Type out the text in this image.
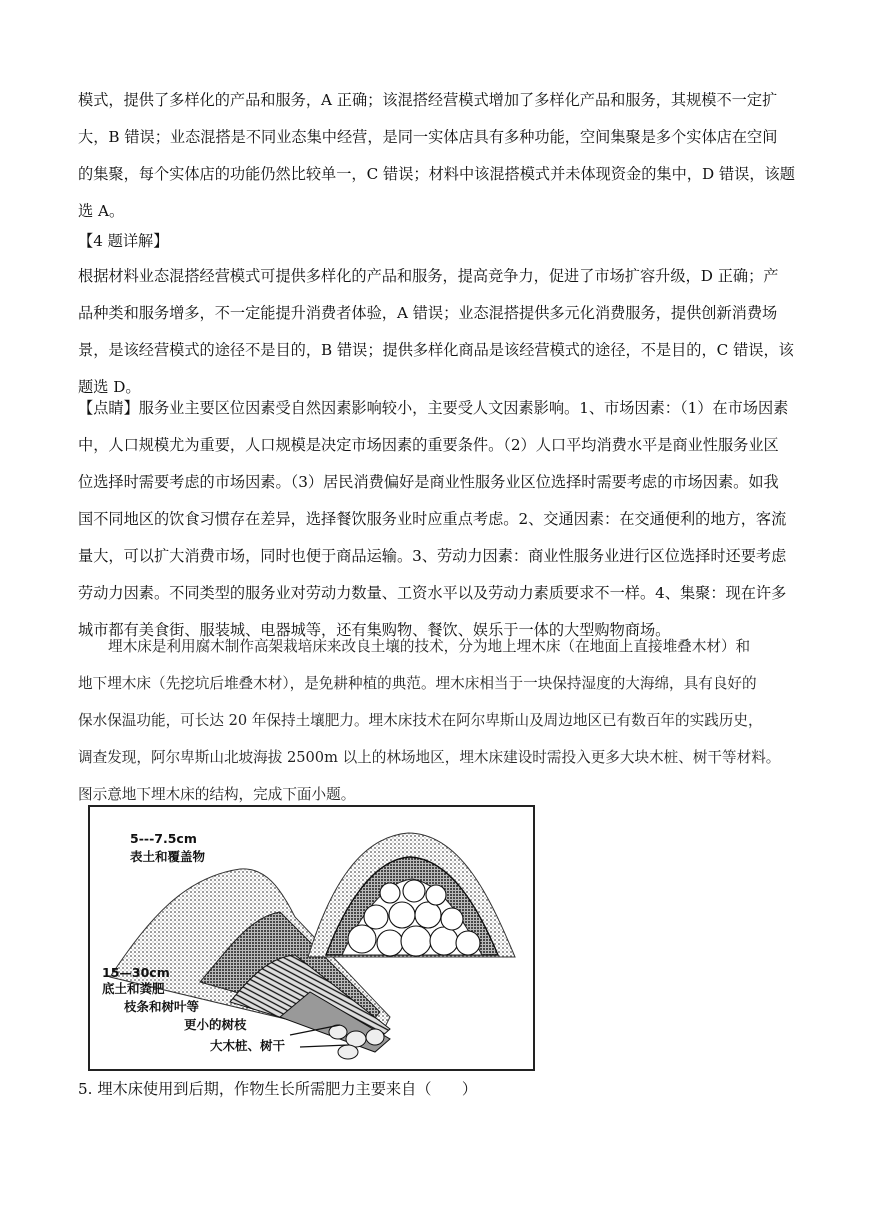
模式，提供了多样化的产品和服务，A 正确；该混搭经营模式增加了多样化产品和服务，其规模不一定扩
大，B 错误；业态混搭是不同业态集中经营，是同一实体店具有多种功能，空间集聚是多个实体店在空间
的集聚，每个实体店的功能仍然比较单一，C 错误；材料中该混搭模式并未体现资金的集中，D 错误，该题
选 A。
【4 题详解】
根据材料业态混搭经营模式可提供多样化的产品和服务，提高竞争力，促进了市场扩容升级，D 正确；产
品种类和服务增多，不一定能提升消费者体验，A 错误；业态混搭提供多元化消费服务，提供创新消费场
景，是该经营模式的途径不是目的，B 错误；提供多样化商品是该经营模式的途径，不是目的，C 错误，该
题选 D。
【点睛】服务业主要区位因素受自然因素影响较小，主要受人文因素影响。1、市场因素：（1）在市场因素
中，人口规模尤为重要，人口规模是决定市场因素的重要条件。（2）人口平均消费水平是商业性服务业区
位选择时需要考虑的市场因素。（3）居民消费偏好是商业性服务业区位选择时需要考虑的市场因素。如我
国不同地区的饮食习惯存在差异，选择餐饮服务业时应重点考虑。2、交通因素：在交通便利的地方，客流
量大，可以扩大消费市场，同时也便于商品运输。3、劳动力因素：商业性服务业进行区位选择时还要考虑
劳动力因素。不同类型的服务业对劳动力数量、工资水平以及劳动力素质要求不一样。4、集聚：现在许多
城市都有美食街、服装城、电器城等，还有集购物、餐饮、娱乐于一体的大型购物商场。
埋木床是利用腐木制作高架栽培床来改良土壤的技术，分为地上埋木床（在地面上直接堆叠木材）和
地下埋木床（先挖坑后堆叠木材），是免耕种植的典范。埋木床相当于一块保持湿度的大海绵，具有良好的
保水保温功能，可长达 20 年保持土壤肥力。埋木床技术在阿尔卑斯山及周边地区已有数百年的实践历史，
调查发现，阿尔卑斯山北坡海拔 2500m 以上的林场地区，埋木床建设时需投入更多大块木桩、树干等材料。
图示意地下埋木床的结构，完成下面小题。
5---7.5cm
表土和覆盖物
15—30cm
底土和粪肥
枝条和树叶等
更小的树枝
大木桩、树干
5. 埋木床使用到后期，作物生长所需肥力主要来自（　　）
